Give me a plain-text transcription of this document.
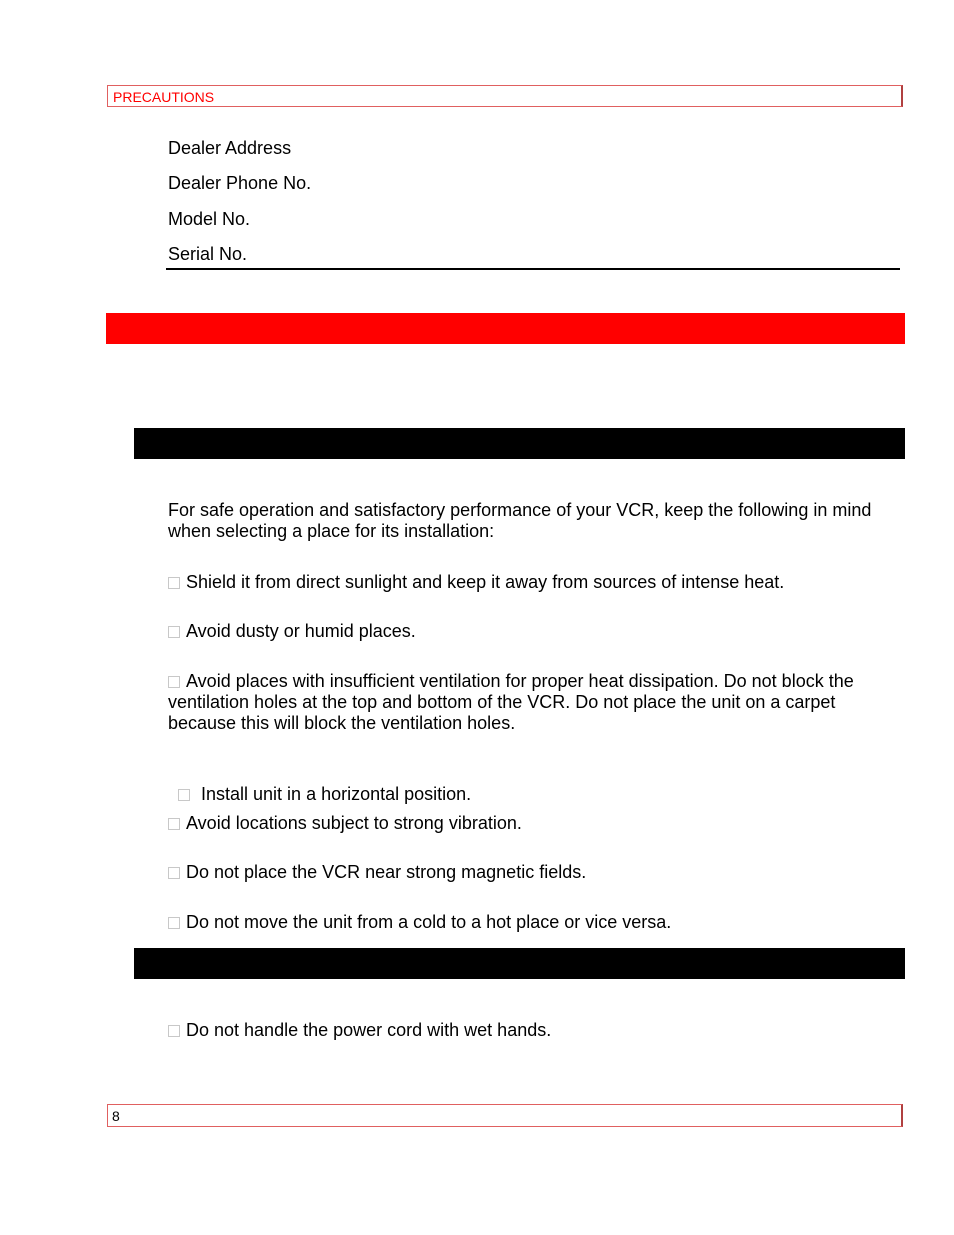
PRECAUTIONS
Dealer Address
Dealer Phone No.
Model No.
Serial No.
For safe operation and satisfactory performance of your VCR, keep the following in mind when selecting a place for its installation:
Shield it from direct sunlight and keep it away from sources of intense heat.
Avoid dusty or humid places.
Avoid places with insufficient ventilation for proper heat dissipation. Do not block the ventilation holes at the top and bottom of the VCR. Do not place the unit on a carpet because this will block the ventilation holes.

Install unit in a horizontal position.

Avoid locations subject to strong vibration.
Do not place the VCR near strong magnetic fields.
Do not move the unit from a cold to a hot place or vice versa.
Do not handle the power cord with wet hands.
8
